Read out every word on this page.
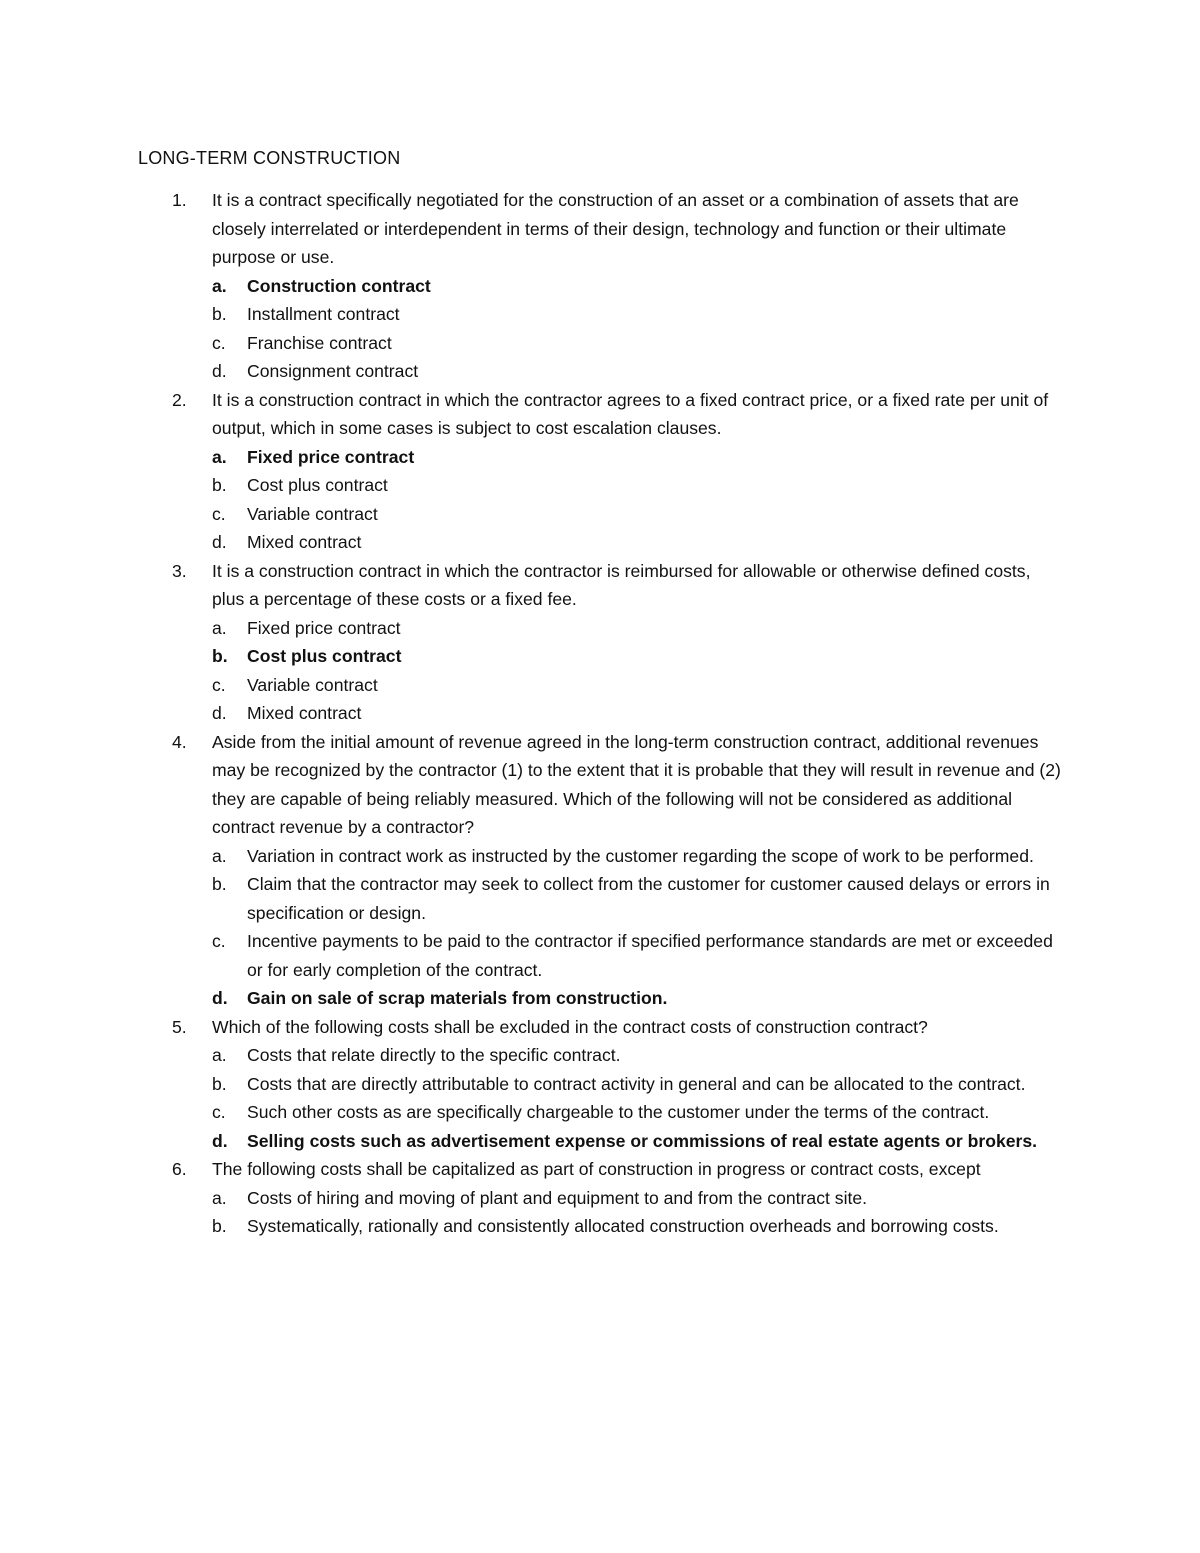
LONG-TERM CONSTRUCTION
1. It is a contract specifically negotiated for the construction of an asset or a combination of assets that are closely interrelated or interdependent in terms of their design, technology and function or their ultimate purpose or use.
a. Construction contract
b. Installment contract
c. Franchise contract
d. Consignment contract
2. It is a construction contract in which the contractor agrees to a fixed contract price, or a fixed rate per unit of output, which in some cases is subject to cost escalation clauses.
a. Fixed price contract
b. Cost plus contract
c. Variable contract
d. Mixed contract
3. It is a construction contract in which the contractor is reimbursed for allowable or otherwise defined costs, plus a percentage of these costs or a fixed fee.
a. Fixed price contract
b. Cost plus contract
c. Variable contract
d. Mixed contract
4. Aside from the initial amount of revenue agreed in the long-term construction contract, additional revenues may be recognized by the contractor (1) to the extent that it is probable that they will result in revenue and (2) they are capable of being reliably measured. Which of the following will not be considered as additional contract revenue by a contractor?
a. Variation in contract work as instructed by the customer regarding the scope of work to be performed.
b. Claim that the contractor may seek to collect from the customer for customer caused delays or errors in specification or design.
c. Incentive payments to be paid to the contractor if specified performance standards are met or exceeded or for early completion of the contract.
d. Gain on sale of scrap materials from construction.
5. Which of the following costs shall be excluded in the contract costs of construction contract?
a. Costs that relate directly to the specific contract.
b. Costs that are directly attributable to contract activity in general and can be allocated to the contract.
c. Such other costs as are specifically chargeable to the customer under the terms of the contract.
d. Selling costs such as advertisement expense or commissions of real estate agents or brokers.
6. The following costs shall be capitalized as part of construction in progress or contract costs, except
a. Costs of hiring and moving of plant and equipment to and from the contract site.
b. Systematically, rationally and consistently allocated construction overheads and borrowing costs.
